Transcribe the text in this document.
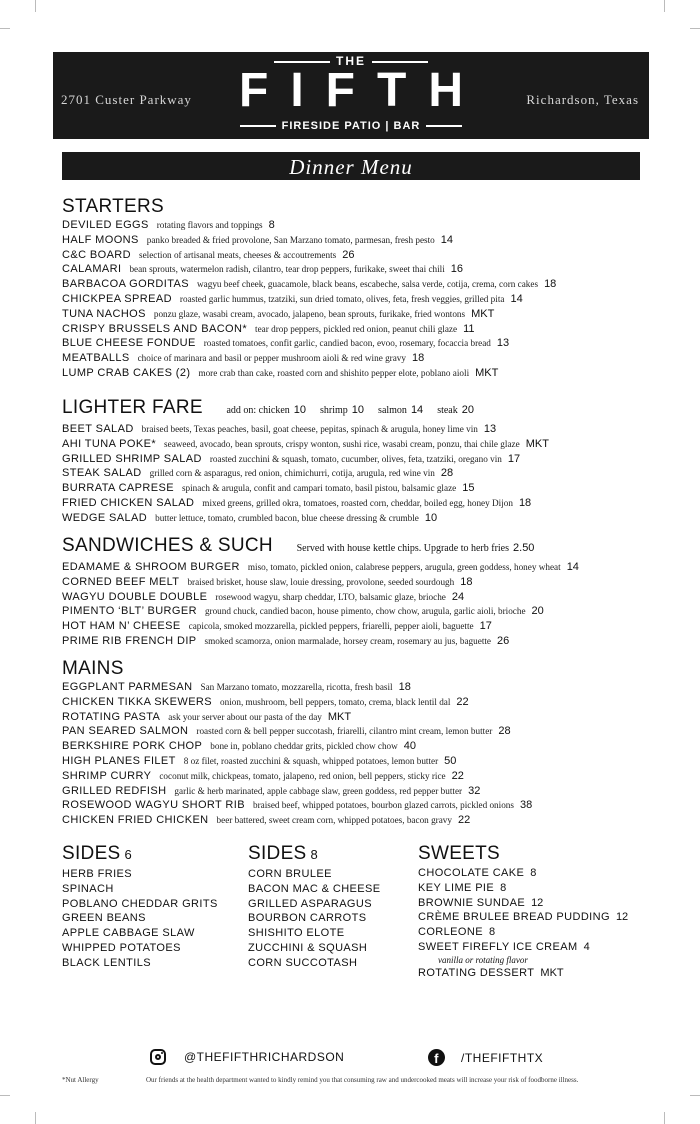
2701 Custer Parkway
THE
FIFTH
FIRESIDE PATIO | BAR
Richardson, Texas
Dinner Menu
STARTERS
DEVILED EGGS rotating flavors and toppings 8
HALF MOONS panko breaded & fried provolone, San Marzano tomato, parmesan, fresh pesto 14
C&C BOARD selection of artisanal meats, cheeses & accoutrements 26
CALAMARI bean sprouts, watermelon radish, cilantro, tear drop peppers, furikake, sweet thai chili 16
BARBACOA GORDITAS wagyu beef cheek, guacamole, black beans, escabeche, salsa verde, cotija, crema, corn cakes 18
CHICKPEA SPREAD roasted garlic hummus, tzatziki, sun dried tomato, olives, feta, fresh veggies, grilled pita 14
TUNA NACHOS ponzu glaze, wasabi cream, avocado, jalapeno, bean sprouts, furikake, fried wontons MKT
CRISPY BRUSSELS AND BACON* tear drop peppers, pickled red onion, peanut chili glaze 11
BLUE CHEESE FONDUE roasted tomatoes, confit garlic, candied bacon, evoo, rosemary, focaccia bread 13
MEATBALLS choice of marinara and basil or pepper mushroom aioli & red wine gravy 18
LUMP CRAB CAKES (2) more crab than cake, roasted corn and shishito pepper elote, poblano aioli MKT
LIGHTER FARE add on: chicken 10 shrimp 10 salmon 14 steak 20
BEET SALAD braised beets, Texas peaches, basil, goat cheese, pepitas, spinach & arugula, honey lime vin 13
AHI TUNA POKE* seaweed, avocado, bean sprouts, crispy wonton, sushi rice, wasabi cream, ponzu, thai chile glaze MKT
GRILLED SHRIMP SALAD roasted zucchini & squash, tomato, cucumber, olives, feta, tzatziki, oregano vin 17
STEAK SALAD grilled corn & asparagus, red onion, chimichurri, cotija, arugula, red wine vin 28
BURRATA CAPRESE spinach & arugula, confit and campari tomato, basil pistou, balsamic glaze 15
FRIED CHICKEN SALAD mixed greens, grilled okra, tomatoes, roasted corn, cheddar, boiled egg, honey Dijon 18
WEDGE SALAD butter lettuce, tomato, crumbled bacon, blue cheese dressing & crumble 10
SANDWICHES & SUCH Served with house kettle chips. Upgrade to herb fries 2.50
EDAMAME & SHROOM BURGER miso, tomato, pickled onion, calabrese peppers, arugula, green goddess, honey wheat 14
CORNED BEEF MELT braised brisket, house slaw, louie dressing, provolone, seeded sourdough 18
WAGYU DOUBLE DOUBLE rosewood wagyu, sharp cheddar, LTO, balsamic glaze, brioche 24
PIMENTO ‘BLT’ BURGER ground chuck, candied bacon, house pimento, chow chow, arugula, garlic aioli, brioche 20
HOT HAM N’ CHEESE capicola, smoked mozzarella, pickled peppers, friarelli, pepper aioli, baguette 17
PRIME RIB FRENCH DIP smoked scamorza, onion marmalade, horsey cream, rosemary au jus, baguette 26
MAINS
EGGPLANT PARMESAN San Marzano tomato, mozzarella, ricotta, fresh basil 18
CHICKEN TIKKA SKEWERS onion, mushroom, bell peppers, tomato, crema, black lentil dal 22
ROTATING PASTA ask your server about our pasta of the day MKT
PAN SEARED SALMON roasted corn & bell pepper succotash, friarelli, cilantro mint cream, lemon butter 28
BERKSHIRE PORK CHOP bone in, poblano cheddar grits, pickled chow chow 40
HIGH PLANES FILET 8 oz filet, roasted zucchini & squash, whipped potatoes, lemon butter 50
SHRIMP CURRY coconut milk, chickpeas, tomato, jalapeno, red onion, bell peppers, sticky rice 22
GRILLED REDFISH garlic & herb marinated, apple cabbage slaw, green goddess, red pepper butter 32
ROSEWOOD WAGYU SHORT RIB braised beef, whipped potatoes, bourbon glazed carrots, pickled onions 38
CHICKEN FRIED CHICKEN beer battered, sweet cream corn, whipped potatoes, bacon gravy 22
SIDES 6
HERB FRIES
SPINACH
POBLANO CHEDDAR GRITS
GREEN BEANS
APPLE CABBAGE SLAW
WHIPPED POTATOES
BLACK LENTILS
SIDES 8
CORN BRULEE
BACON MAC & CHEESE
GRILLED ASPARAGUS
BOURBON CARROTS
SHISHITO ELOTE
ZUCCHINI & SQUASH
CORN SUCCOTASH
SWEETS
CHOCOLATE CAKE 8
KEY LIME PIE 8
BROWNIE SUNDAE 12
CRÈME BRULEE BREAD PUDDING 12
CORLEONE 8
SWEET FIREFLY ICE CREAM 4
vanilla or rotating flavor
ROTATING DESSERT MKT
@THEFIFTHRICHARDSON	f	/THEFIFTHTX
*Nut Allergy	Our friends at the health department wanted to kindly remind you that consuming raw and undercooked meats will increase your risk of foodborne illness.
